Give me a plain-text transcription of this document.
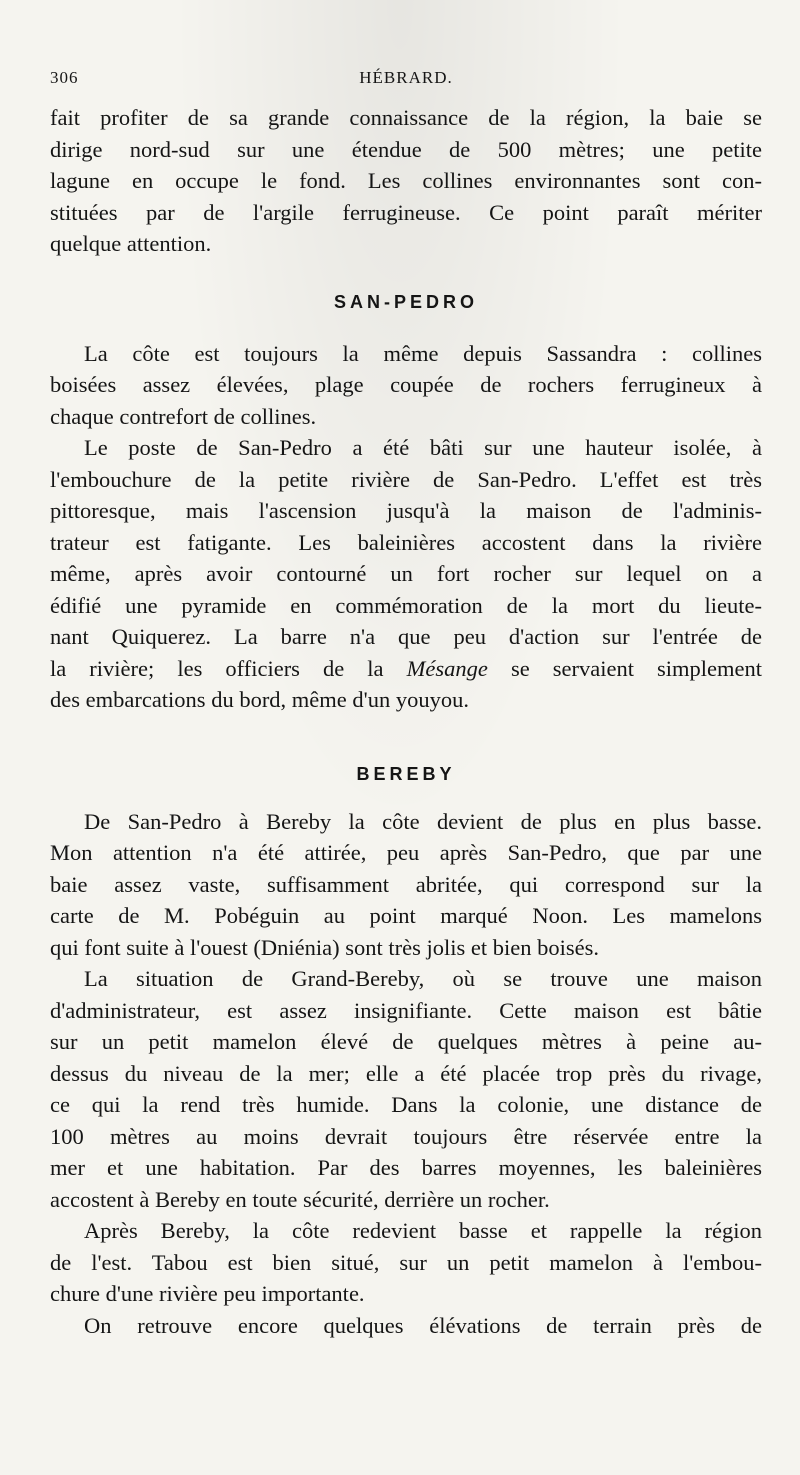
306	HÉBRARD.
fait profiter de sa grande connaissance de la région, la baie se
dirige nord-sud sur une étendue de 500 mètres; une petite
lagune en occupe le fond. Les collines environnantes sont con-
stituées par de l'argile ferrugineuse. Ce point paraît mériter
quelque attention.
SAN-PEDRO
La côte est toujours la même depuis Sassandra : collines
boisées assez élevées, plage coupée de rochers ferrugineux à
chaque contrefort de collines.
Le poste de San-Pedro a été bâti sur une hauteur isolée, à
l'embouchure de la petite rivière de San-Pedro. L'effet est très
pittoresque, mais l'ascension jusqu'à la maison de l'adminis-
trateur est fatigante. Les baleinières accostent dans la rivière
même, après avoir contourné un fort rocher sur lequel on a
édifié une pyramide en commémoration de la mort du lieute-
nant Quiquerez. La barre n'a que peu d'action sur l'entrée de
la rivière; les officiers de la Mésange se servaient simplement
des embarcations du bord, même d'un youyou.
BEREBY
De San-Pedro à Bereby la côte devient de plus en plus basse.
Mon attention n'a été attirée, peu après San-Pedro, que par une
baie assez vaste, suffisamment abritée, qui correspond sur la
carte de M. Pobéguin au point marqué Noon. Les mamelons
qui font suite à l'ouest (Dniénia) sont très jolis et bien boisés.
La situation de Grand-Bereby, où se trouve une maison
d'administrateur, est assez insignifiante. Cette maison est bâtie
sur un petit mamelon élevé de quelques mètres à peine au-
dessus du niveau de la mer; elle a été placée trop près du rivage,
ce qui la rend très humide. Dans la colonie, une distance de
100 mètres au moins devrait toujours être réservée entre la
mer et une habitation. Par des barres moyennes, les baleinières
accostent à Bereby en toute sécurité, derrière un rocher.
Après Bereby, la côte redevient basse et rappelle la région
de l'est. Tabou est bien situé, sur un petit mamelon à l'embou-
chure d'une rivière peu importante.
On retrouve encore quelques élévations de terrain près de
